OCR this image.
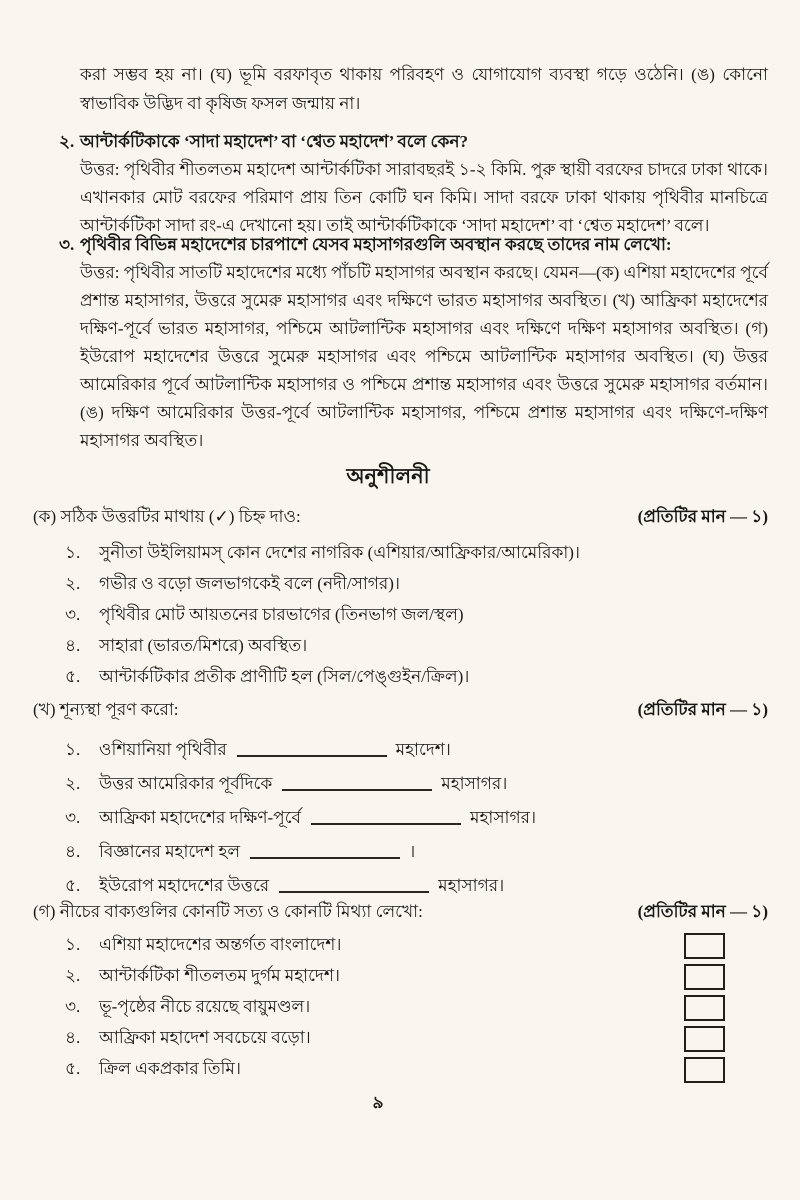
করা সম্ভব হয় না। (ঘ) ভূমি বরফাবৃত থাকায় পরিবহণ ও যোগাযোগ ব্যবস্থা গড়ে ওঠেনি। (ঙ) কোনো স্বাভাবিক উদ্ভিদ বা কৃষিজ ফসল জন্মায় না।
২. আন্টার্কটিকাকে ‘সাদা মহাদেশ’ বা ‘শ্বেত মহাদেশ’ বলে কেন?
উত্তর: পৃথিবীর শীতলতম মহাদেশ আন্টার্কটিকা সারাবছরই ১-২ কিমি. পুরু স্থায়ী বরফের চাদরে ঢাকা থাকে। এখানকার মোট বরফের পরিমাণ প্রায় তিন কোটি ঘন কিমি। সাদা বরফে ঢাকা থাকায় পৃথিবীর মানচিত্রে আন্টার্কটিকা সাদা রং-এ দেখানো হয়। তাই আন্টার্কটিকাকে ‘সাদা মহাদেশ’ বা ‘শ্বেত মহাদেশ’ বলে।
৩. পৃথিবীর বিভিন্ন মহাদেশের চারপাশে যেসব মহাসাগরগুলি অবস্থান করছে তাদের নাম লেখো:
উত্তর: পৃথিবীর সাতটি মহাদেশের মধ্যে পাঁচটি মহাসাগর অবস্থান করছে। যেমন—(ক) এশিয়া মহাদেশের পূর্বে প্রশান্ত মহাসাগর, উত্তরে সুমেরু মহাসাগর এবং দক্ষিণে ভারত মহাসাগর অবস্থিত। (খ) আফ্রিকা মহাদেশের দক্ষিণ-পূর্বে ভারত মহাসাগর, পশ্চিমে আটলান্টিক মহাসাগর এবং দক্ষিণে দক্ষিণ মহাসাগর অবস্থিত। (গ) ইউরোপ মহাদেশের উত্তরে সুমেরু মহাসাগর এবং পশ্চিমে আটলান্টিক মহাসাগর অবস্থিত। (ঘ) উত্তর আমেরিকার পূর্বে আটলান্টিক মহাসাগর ও পশ্চিমে প্রশান্ত মহাসাগর এবং উত্তরে সুমেরু মহাসাগর বর্তমান। (ঙ) দক্ষিণ আমেরিকার উত্তর-পূর্বে আটলান্টিক মহাসাগর, পশ্চিমে প্রশান্ত মহাসাগর এবং দক্ষিণে-দক্ষিণ মহাসাগর অবস্থিত।
অনুশীলনী
(ক) সঠিক উত্তরটির মাথায় (✓) চিহ্ন দাও:	(প্রতিটির মান — ১)
১.	সুনীতা উইলিয়ামস্ কোন দেশের নাগরিক (এশিয়ার/আফ্রিকার/আমেরিকা)।
২.	গভীর ও বড়ো জলভাগকেই বলে (নদী/সাগর)।
৩.	পৃথিবীর মোট আয়তনের চারভাগের (তিনভাগ জল/স্থল)
৪.	সাহারা (ভারত/মিশরে) অবস্থিত।
৫.	আন্টার্কটিকার প্রতীক প্রাণীটি হল (সিল/পেঙ্গুইন/ক্রিল)।
(খ) শূন্যস্থা পূরণ করো:	(প্রতিটির মান — ১)
১.	ওশিয়ানিয়া পৃথিবীর	মহাদেশ।
২.	উত্তর আমেরিকার পূর্বদিকে	মহাসাগর।
৩.	আফ্রিকা মহাদেশের দক্ষিণ-পূর্বে	মহাসাগর।
৪.	বিজ্ঞানের মহাদেশ হল	।
৫.	ইউরোপ মহাদেশের উত্তরে	মহাসাগর।
(গ) নীচের বাক্যগুলির কোনটি সত্য ও কোনটি মিথ্যা লেখো:	(প্রতিটির মান — ১)
১.	এশিয়া মহাদেশের অন্তর্গত বাংলাদেশ।
২.	আন্টার্কটিকা শীতলতম দুর্গম মহাদেশ।
৩.	ভূ-পৃষ্ঠের নীচে রয়েছে বায়ুমণ্ডল।
৪.	আফ্রিকা মহাদেশ সবচেয়ে বড়ো।
৫.	ক্রিল একপ্রকার তিমি।
৯
